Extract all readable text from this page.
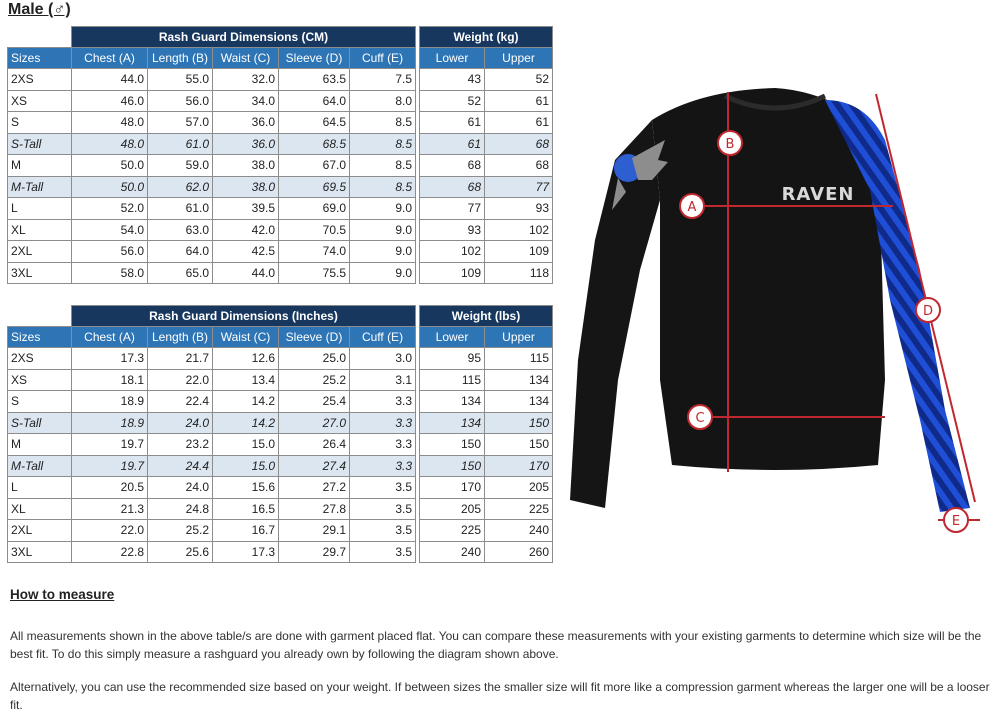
Male (♂)
	Rash Guard Dimensions (CM)						Weight (kg)	
Sizes	Chest (A)	Length (B)	Waist (C)	Sleeve (D)	Cuff (E)		Lower	Upper
2XS	44.0	55.0	32.0	63.5	7.5		43	52
XS	46.0	56.0	34.0	64.0	8.0		52	61
S	48.0	57.0	36.0	64.5	8.5		61	61
S-Tall	48.0	61.0	36.0	68.5	8.5		61	68
M	50.0	59.0	38.0	67.0	8.5		68	68
M-Tall	50.0	62.0	38.0	69.5	8.5		68	77
L	52.0	61.0	39.5	69.0	9.0		77	93
XL	54.0	63.0	42.0	70.5	9.0		93	102
2XL	56.0	64.0	42.5	74.0	9.0		102	109
3XL	58.0	65.0	44.0	75.5	9.0		109	118
	Rash Guard Dimensions (Inches)						Weight (lbs)	
Sizes	Chest (A)	Length (B)	Waist (C)	Sleeve (D)	Cuff (E)		Lower	Upper
2XS	17.3	21.7	12.6	25.0	3.0		95	115
XS	18.1	22.0	13.4	25.2	3.1		115	134
S	18.9	22.4	14.2	25.4	3.3		134	134
S-Tall	18.9	24.0	14.2	27.0	3.3		134	150
M	19.7	23.2	15.0	26.4	3.3		150	150
M-Tall	19.7	24.4	15.0	27.4	3.3		150	170
L	20.5	24.0	15.6	27.2	3.5		170	205
XL	21.3	24.8	16.5	27.8	3.5		205	225
2XL	22.0	25.2	16.7	29.1	3.5		225	240
3XL	22.8	25.6	17.3	29.7	3.5		240	260
RAVEN
A
B
C
D
E
How to measure

All measurements shown in the above table/s are done with garment placed flat. You can compare these measurements with your existing garments to determine which size will be the best fit. To do this simply measure a rashguard you already own by following the diagram shown above.

Alternatively, you can use the recommended size based on your weight. If between sizes the smaller size will fit more like a compression garment whereas the larger one will be a looser fit.
